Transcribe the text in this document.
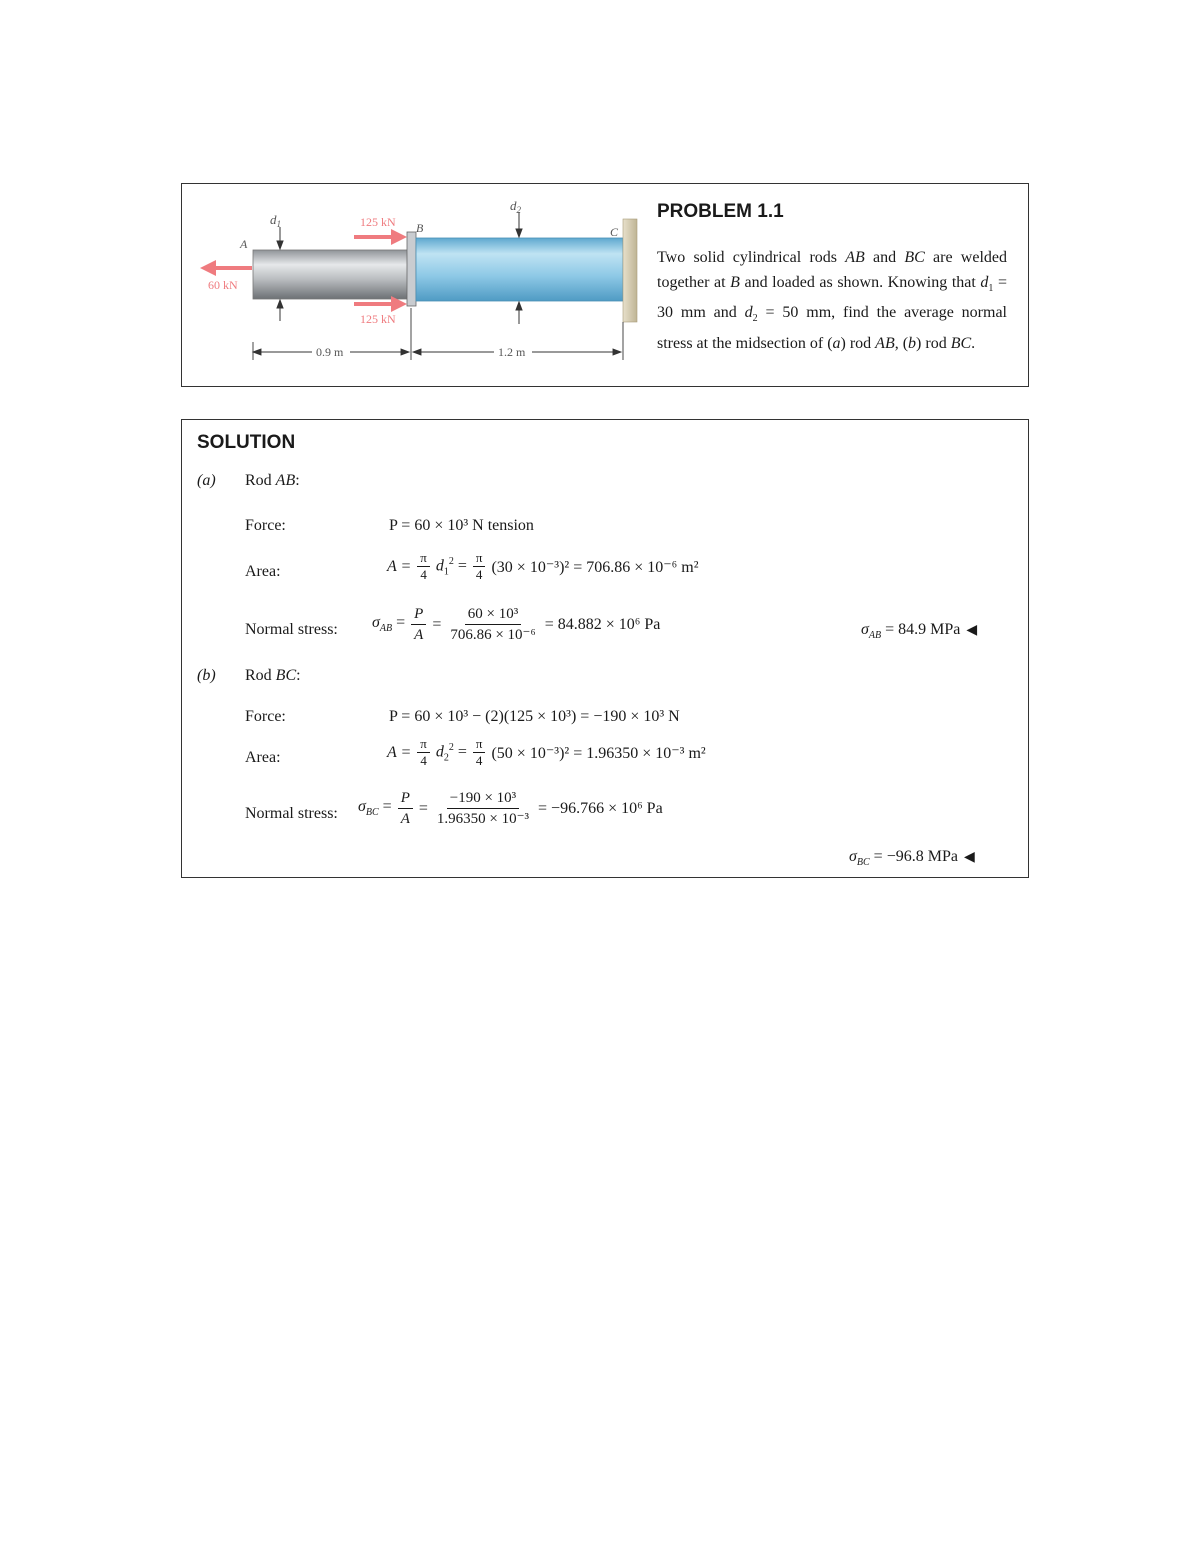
$d_1$
$d_2$
A
B	C
60 kN
125 kN
125 kN
0.9 m	1.2 m
PROBLEM 1.1
Two solid cylindrical rods AB and BC are welded together at B and loaded as shown. Knowing that $d_1 = 30$ mm and $d_2 = 50$ mm, find the average normal stress at the midsection of (a) rod AB, (b) rod BC.
SOLUTION
(a) Rod AB:
Force:	P = 60 × 10³ N tension
Area:	$A = \frac{\pi}{4} d_1^2 = \frac{\pi}{4} (30 \times 10^{-3})^2 = 706.86 \times 10^{-6}$ m²
Normal stress: $\sigma_{AB} = \frac{P}{A} = \frac{\text{60 × 10³}}{\text{706.86 × 10⁻⁶}} = 84.882 \times 10^6$ Pa	$\sigma_{AB} = 84.9$ MPa ◀
(b) Rod BC:
Force:	P = 60 × 10³ − (2)(125 × 10³) = −190 × 10³ N
Area:	$A = \frac{\pi}{4} d_2^2 = \frac{\pi}{4} (50 \times 10^{-3})^2 = 1.96350 \times 10^{-3}$ m²
Normal stress: $\sigma_{BC} = \frac{P}{A} = \frac{\text{−190 × 10³}}{\text{1.96350 × 10⁻³}} = -96.766 \times 10^6$ Pa
$\sigma_{BC} = -96.8$ MPa ◀
